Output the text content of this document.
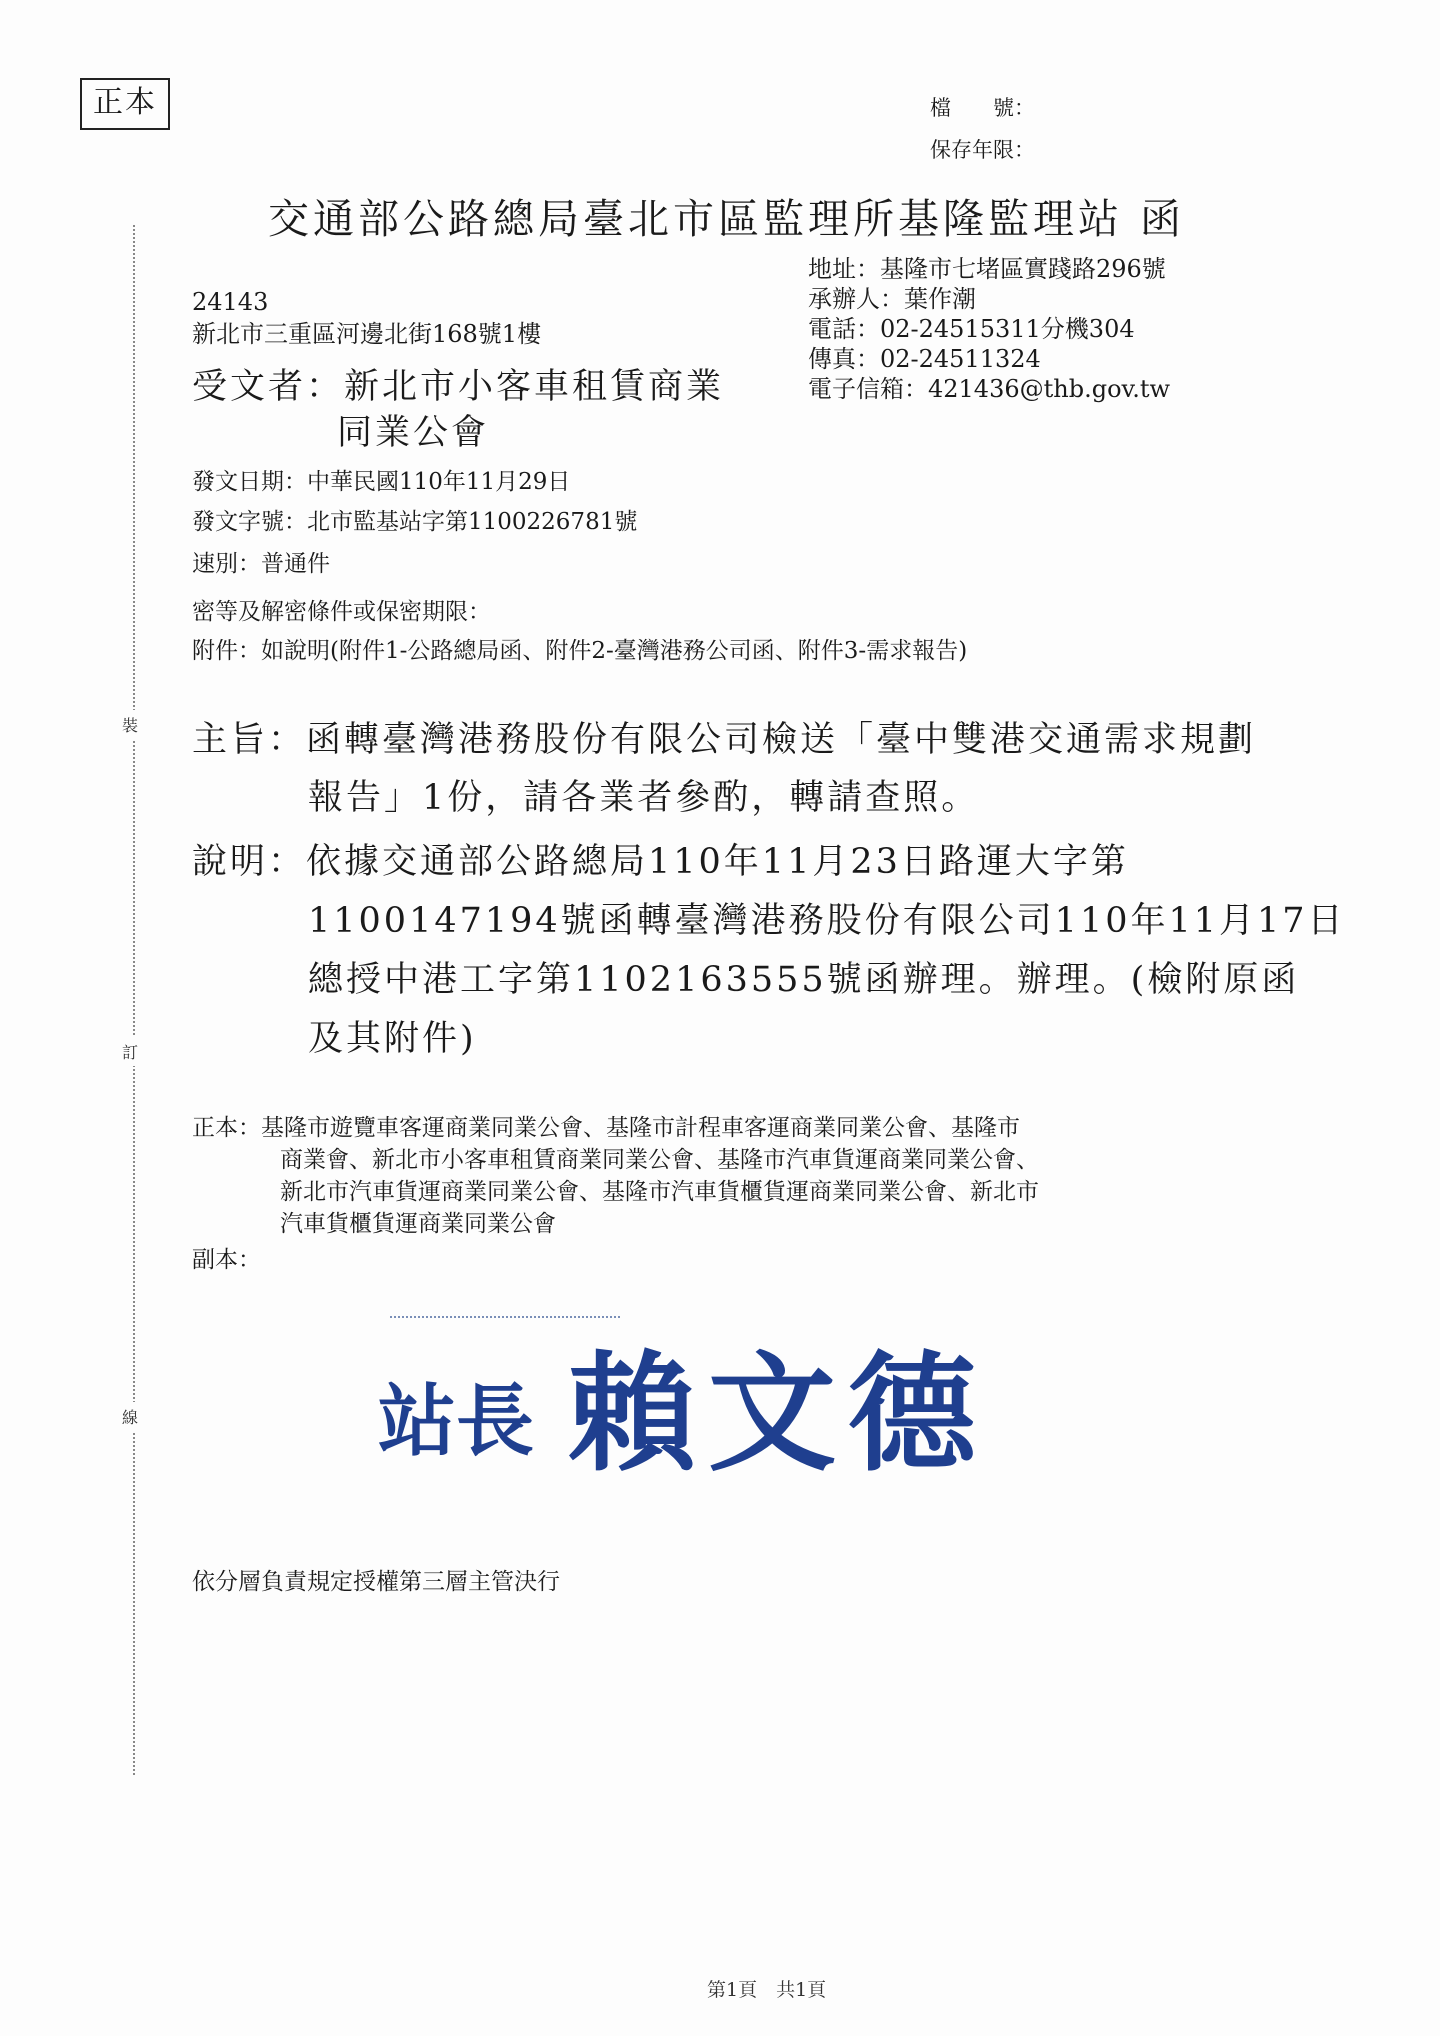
正本	檔　　號：
保存年限：
交通部公路總局臺北市區監理所基隆監理站 函
地址：基隆市七堵區實踐路296號
承辦人：葉作潮
電話：02-24515311分機304
傳真：02-24511324
電子信箱：421436@thb.gov.tw
24143
新北市三重區河邊北街168號1樓
受文者：新北市小客車租賃商業
同業公會
發文日期：中華民國110年11月29日
發文字號：北市監基站字第1100226781號
速別：普通件
密等及解密條件或保密期限：
附件：如說明(附件1-公路總局函、附件2-臺灣港務公司函、附件3-需求報告)
主旨：函轉臺灣港務股份有限公司檢送「臺中雙港交通需求規劃
報告」1份，請各業者參酌，轉請查照。
說明：依據交通部公路總局110年11月23日路運大字第
1100147194號函轉臺灣港務股份有限公司110年11月17日
總授中港工字第1102163555號函辦理。辦理。(檢附原函
及其附件)
正本：基隆市遊覽車客運商業同業公會、基隆市計程車客運商業同業公會、基隆市
商業會、新北市小客車租賃商業同業公會、基隆市汽車貨運商業同業公會、
新北市汽車貨運商業同業公會、基隆市汽車貨櫃貨運商業同業公會、新北市
汽車貨櫃貨運商業同業公會
副本：
站長 賴文德
依分層負責規定授權第三層主管決行
裝
訂
線
第1頁　共1頁
